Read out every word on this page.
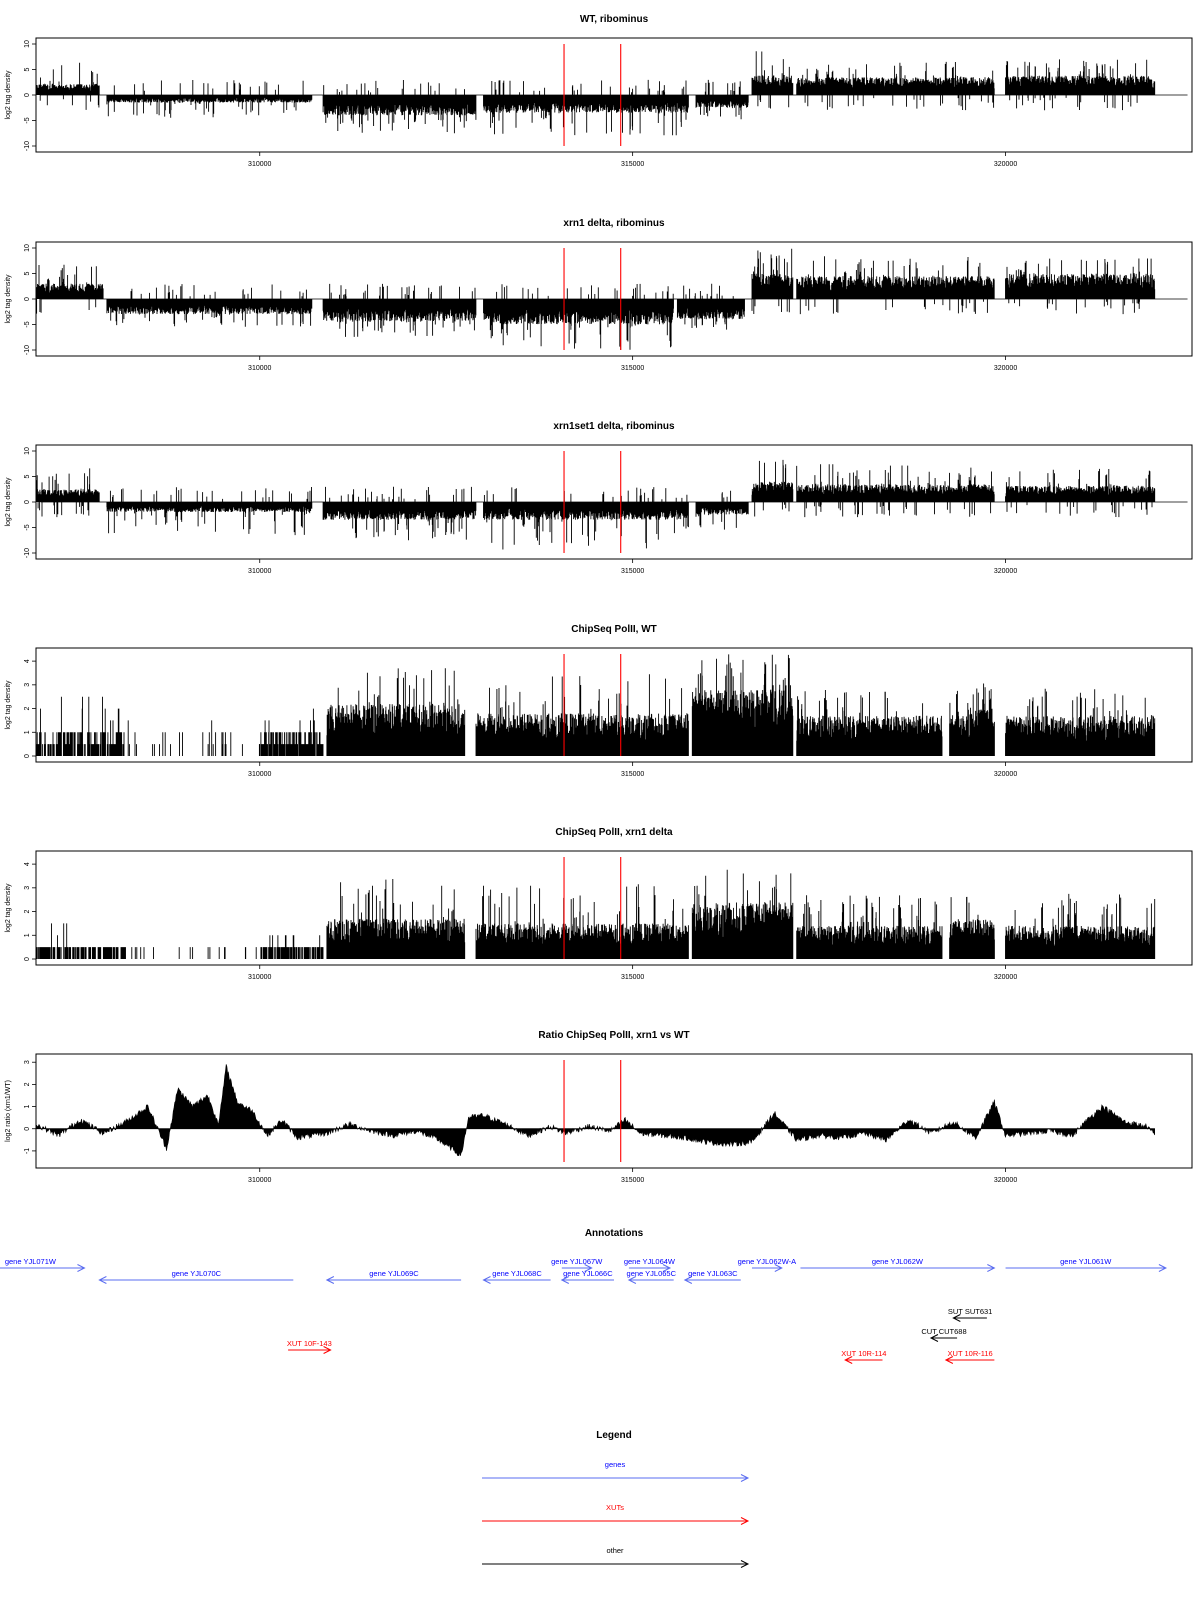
WT, ribominus
log2 tag density
-10
-5
0
5
10
310000	315000	320000
xrn1 delta, ribominus
log2 tag density
-10
-5
0
5
10
310000	315000	320000
xrn1set1 delta, ribominus
log2 tag density
-10
-5
0
5
10
310000	315000	320000
ChipSeq PolII, WT
log2 tag density
0
1
2
3
4
310000	315000	320000
ChipSeq PolII, xrn1 delta
log2 tag density
0
1
2
3
4
310000	315000	320000
Ratio ChipSeq PolII, xrn1 vs WT
log2 ratio (xrn1/WT)
-1
0
1
2
3
310000	315000	320000
Annotations
gene YJL071W
gene YJL070C	gene YJL069C	gene YJL068C
gene YJL067W
gene YJL066C
gene YJL064W
gene YJL065C gene YJL063C
gene YJL062W-A	gene YJL062W	gene YJL061W
SUT SUT631
CUT CUT688
XUT 10F-143
XUT 10R-114	XUT 10R-116
Legend
genes
XUTs
other
